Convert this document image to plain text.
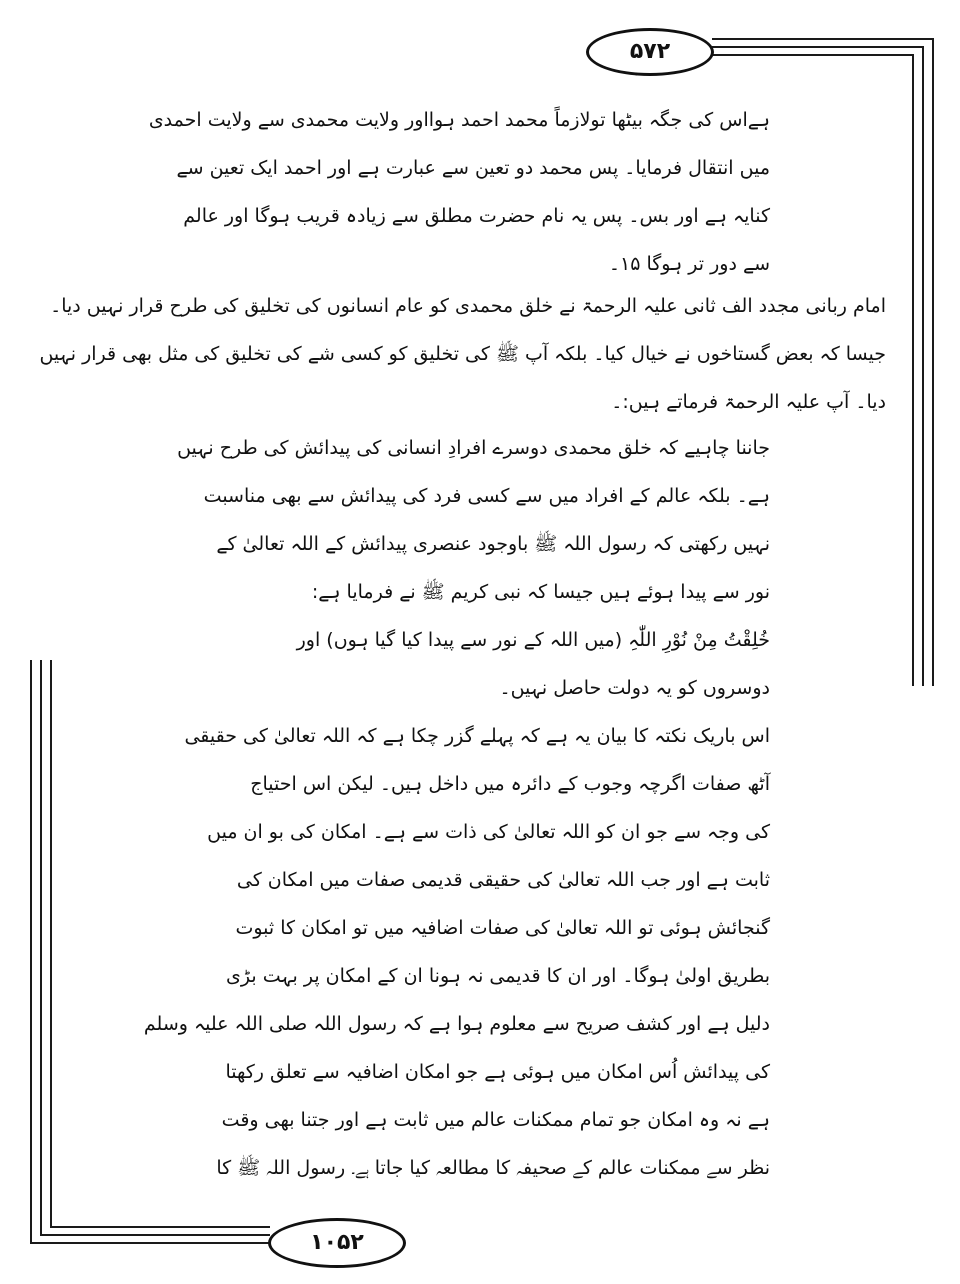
۵۷۲
۱۰۵۲

ہےاس کی جگہ بیٹھا تولازماً محمد احمد ہوااور ولایت محمدی سے ولایت احمدی

میں انتقال فرمایا۔ پس محمد دو تعین سے عبارت ہے اور احمد ایک تعین سے

کنایہ ہے اور بس۔ پس یہ نام حضرت مطلق سے زیادہ قریب ہوگا اور عالم

سے دور تر ہوگا ۱۵۔

امام ربانی مجدد الف ثانی علیہ الرحمۃ نے خلق محمدی کو عام انسانوں کی تخلیق کی طرح قرار نہیں دیا۔

جیسا کہ بعض گستاخوں نے خیال کیا۔ بلکہ آپ ﷺ کی تخلیق کو کسی شے کی تخلیق کی مثل بھی قرار نہیں

دیا۔ آپ علیہ الرحمۃ فرماتے ہیں:۔

جاننا چاہیے کہ خلق محمدی دوسرے افرادِ انسانی کی پیدائش کی طرح نہیں

ہے۔ بلکہ عالم کے افراد میں سے کسی فرد کی پیدائش سے بھی مناسبت

نہیں رکھتی کہ رسول اللہ ﷺ باوجود عنصری پیدائش کے اللہ تعالیٰ کے

نور سے پیدا ہوئے ہیں جیسا کہ نبی کریم ﷺ نے فرمایا ہے:

خُلِقْتُ مِنْ نُوْرِ اللّٰہِ (میں اللہ کے نور سے پیدا کیا گیا ہوں) اور

دوسروں کو یہ دولت حاصل نہیں۔

اس باریک نکتہ کا بیان یہ ہے کہ پہلے گزر چکا ہے کہ اللہ تعالیٰ کی حقیقی

آٹھ صفات اگرچہ وجوب کے دائرہ میں داخل ہیں۔ لیکن اس احتیاج

کی وجہ سے جو ان کو اللہ تعالیٰ کی ذات سے ہے۔ امکان کی بو ان میں

ثابت ہے اور جب اللہ تعالیٰ کی حقیقی قدیمی صفات میں امکان کی

گنجائش ہوئی تو اللہ تعالیٰ کی صفات اضافیہ میں تو امکان کا ثبوت

بطریق اولیٰ ہوگا۔ اور ان کا قدیمی نہ ہونا ان کے امکان پر بہت بڑی

دلیل ہے اور کشف صریح سے معلوم ہوا ہے کہ رسول اللہ صلی اللہ علیہ وسلم

کی پیدائش اُس امکان میں ہوئی ہے جو امکان اضافیہ سے تعلق رکھتا

ہے نہ وہ امکان جو تمام ممکنات عالم میں ثابت ہے اور جتنا بھی وقت

نظر سے ممکنات عالم کے صحیفہ کا مطالعہ کیا جاتا ہے۔ رسول اللہ ﷺ کا
